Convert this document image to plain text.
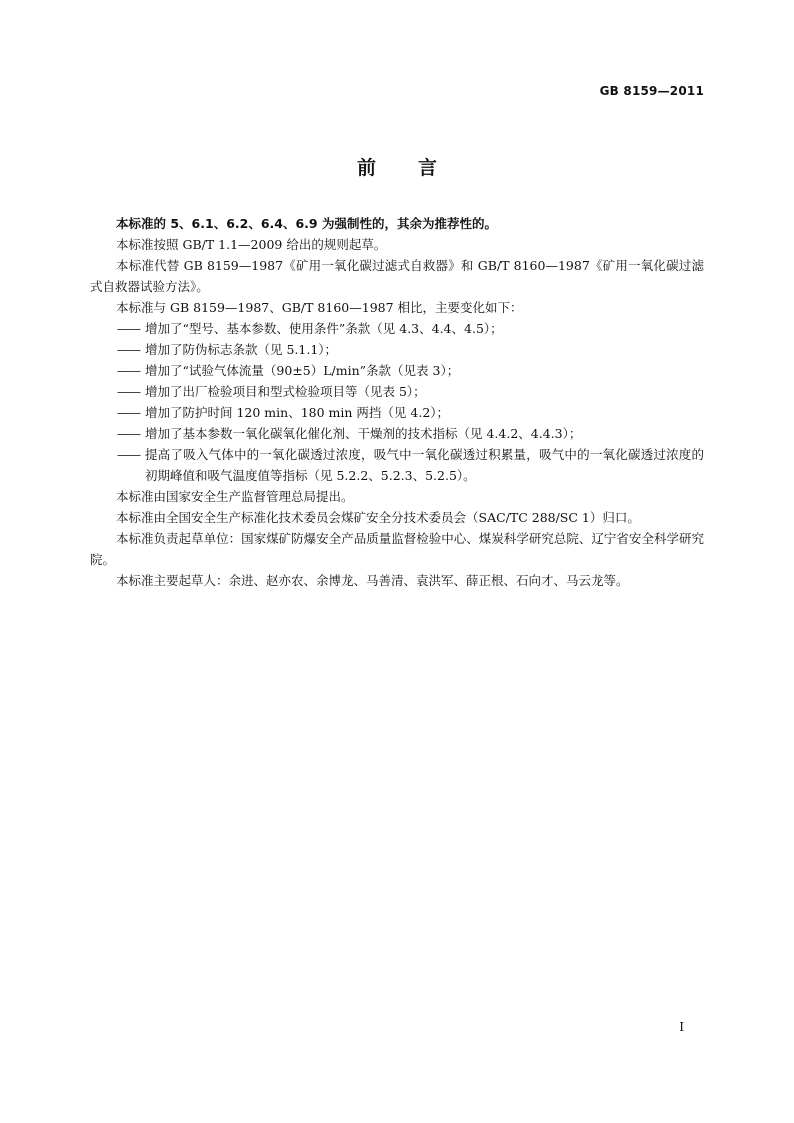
GB 8159—2011
前言

本标准的 5、6.1、6.2、6.4、6.9 为强制性的，其余为推荐性的。

本标准按照 GB/T 1.1—2009 给出的规则起草。

本标准代替 GB 8159—1987《矿用一氧化碳过滤式自救器》和 GB/T 8160—1987《矿用一氧化碳过滤式自救器试验方法》。

本标准与 GB 8159—1987、GB/T 8160—1987 相比，主要变化如下：

—— 增加了“型号、基本参数、使用条件”条款（见 4.3、4.4、4.5）；

—— 增加了防伪标志条款（见 5.1.1）；

—— 增加了“试验气体流量（90±5）L/min”条款（见表 3）；

—— 增加了出厂检验项目和型式检验项目等（见表 5）；

—— 增加了防护时间 120 min、180 min 两挡（见 4.2）；

—— 增加了基本参数一氧化碳氧化催化剂、干燥剂的技术指标（见 4.4.2、4.4.3）；

—— 提高了吸入气体中的一氧化碳透过浓度，吸气中一氧化碳透过积累量，吸气中的一氧化碳透过浓度的初期峰值和吸气温度值等指标（见 5.2.2、5.2.3、5.2.5）。

本标准由国家安全生产监督管理总局提出。

本标准由全国安全生产标准化技术委员会煤矿安全分技术委员会（SAC/TC 288/SC 1）归口。

本标准负责起草单位：国家煤矿防爆安全产品质量监督检验中心、煤炭科学研究总院、辽宁省安全科学研究院。

本标准主要起草人：余进、赵亦农、余博龙、马善清、袁洪军、薛正根、石向才、马云龙等。

I
